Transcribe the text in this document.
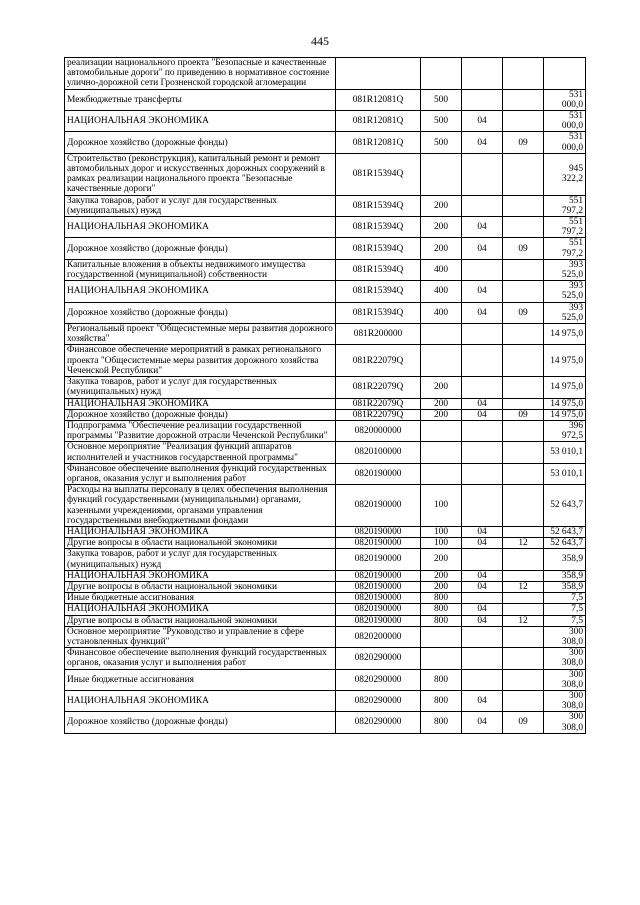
445
реализации национального проекта "Безопасные и качественные автомобильные дороги" по приведению в нормативное состояние улично-дорожной сети Грозненской городской агломерации					
Межбюджетные трансферты	081R12081Q	500			531 000,0
НАЦИОНАЛЬНАЯ ЭКОНОМИКА	081R12081Q	500	04		531 000,0
Дорожное хозяйство (дорожные фонды)	081R12081Q	500	04	09	531 000,0
Строительство (реконструкция), капитальный ремонт и ремонт автомобильных дорог и искусственных дорожных сооружений в рамках реализации национального проекта "Безопасные качественные дороги"	081R15394Q				945 322,2
Закупка товаров, работ и услуг для государственных (муниципальных) нужд	081R15394Q	200			551 797,2
НАЦИОНАЛЬНАЯ ЭКОНОМИКА	081R15394Q	200	04		551 797,2
Дорожное хозяйство (дорожные фонды)	081R15394Q	200	04	09	551 797,2
Капитальные вложения в объекты недвижимого имущества государственной (муниципальной) собственности	081R15394Q	400			393 525,0
НАЦИОНАЛЬНАЯ ЭКОНОМИКА	081R15394Q	400	04		393 525,0
Дорожное хозяйство (дорожные фонды)	081R15394Q	400	04	09	393 525,0
Региональный проект "Общесистемные меры развития дорожного хозяйства"	081R200000				14 975,0
Финансовое обеспечение мероприятий в рамках регионального проекта "Общесистемные меры развития дорожного хозяйства Чеченской Республики"	081R22079Q				14 975,0
Закупка товаров, работ и услуг для государственных (муниципальных) нужд	081R22079Q	200			14 975,0
НАЦИОНАЛЬНАЯ ЭКОНОМИКА	081R22079Q	200	04		14 975,0
Дорожное хозяйство (дорожные фонды)	081R22079Q	200	04	09	14 975,0
Подпрограмма "Обеспечение реализации государственной программы "Развитие дорожной отрасли Чеченской Республики"	0820000000				396 972,5
Основное мероприятие "Реализация функций аппаратов исполнителей и участников государственной программы"	0820100000				53 010,1
Финансовое обеспечение выполнения функций государственных органов, оказания услуг и выполнения работ	0820190000				53 010,1
Расходы на выплаты персоналу в целях обеспечения выполнения функций государственными (муниципальными) органами, казенными учреждениями, органами управления государственными внебюджетными фондами	0820190000	100			52 643,7
НАЦИОНАЛЬНАЯ ЭКОНОМИКА	0820190000	100	04		52 643,7
Другие вопросы в области национальной экономики	0820190000	100	04	12	52 643,7
Закупка товаров, работ и услуг для государственных (муниципальных) нужд	0820190000	200			358,9
НАЦИОНАЛЬНАЯ ЭКОНОМИКА	0820190000	200	04		358,9
Другие вопросы в области национальной экономики	0820190000	200	04	12	358,9
Иные бюджетные ассигнования	0820190000	800			7,5
НАЦИОНАЛЬНАЯ ЭКОНОМИКА	0820190000	800	04		7,5
Другие вопросы в области национальной экономики	0820190000	800	04	12	7,5
Основное мероприятие "Руководство и управление в сфере установленных функций"	0820200000				300 308,0
Финансовое обеспечение выполнения функций государственных органов, оказания услуг и выполнения работ	0820290000				300 308,0
Иные бюджетные ассигнования	0820290000	800			300 308,0
НАЦИОНАЛЬНАЯ ЭКОНОМИКА	0820290000	800	04		300 308,0
Дорожное хозяйство (дорожные фонды)	0820290000	800	04	09	300 308,0
